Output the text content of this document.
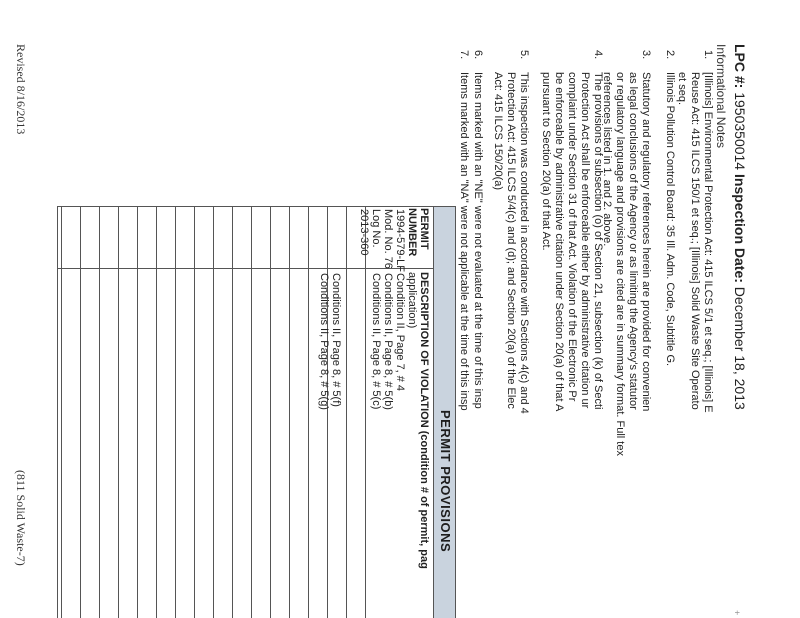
LPC #: 1950350014 Inspection Date: December 18, 2013
Informational Notes
1.
[Illinois] Environmental Protection Act: 415 ILCS 5/1 et seq.; [Illinois] E
Reuse Act: 415 ILCS 150/1 et seq.; [Illinois] Solid Waste Site Operato
et seq.
2.
Illinois Pollution Control Board: 35 Ill. Adm. Code, Subtitle G.
3.
Statutory and regulatory references herein are provided for convenien
as legal conclusions of the Agency or as limiting the Agency's statutor
or regulatory language and provisions are cited are in summary format. Full tex
references listed in 1. and 2. above.
4.
The provisions of subsection (o) of Section 21, subsection (k) of Secti
Protection Act shall be enforceable either by administrative citation ur
complaint under Section 31 of that Act. Violation of the Electronic Pr
be enforceable by administrative citation under Section 20(a) of that A
pursuant to Section 20(a) of that Act.
5.
This inspection was conducted in accordance with Sections 4(c) and 4
Protection Act: 415 ILCS 5/4(c) and (d); and Section 20(a) of the Elec
Act: 415 ILCS 150/20(a)
6.
Items marked with an "NE" were not evaluated at the time of this insp
7.
Items marked with an "NA" were not applicable at the time of this insp
PERMIT PROVISIONS
PERMIT
NUMBER
DESCRIPTION OF VIOLATION (condition # of permit, pag
application)
1994-579-LF
Condition II, Page 7, # 4
Mod. No. 76
Conditions II, Page 8, # 5(b)
Log No.
Conditions II, Page 8, # 5(c)
2013-360
Conditions II, Page 8, # 5(f)
Conditions II, Page 8, # 5(g)
Revised 8/16/2013
(811 Solid Waste-7)
+
